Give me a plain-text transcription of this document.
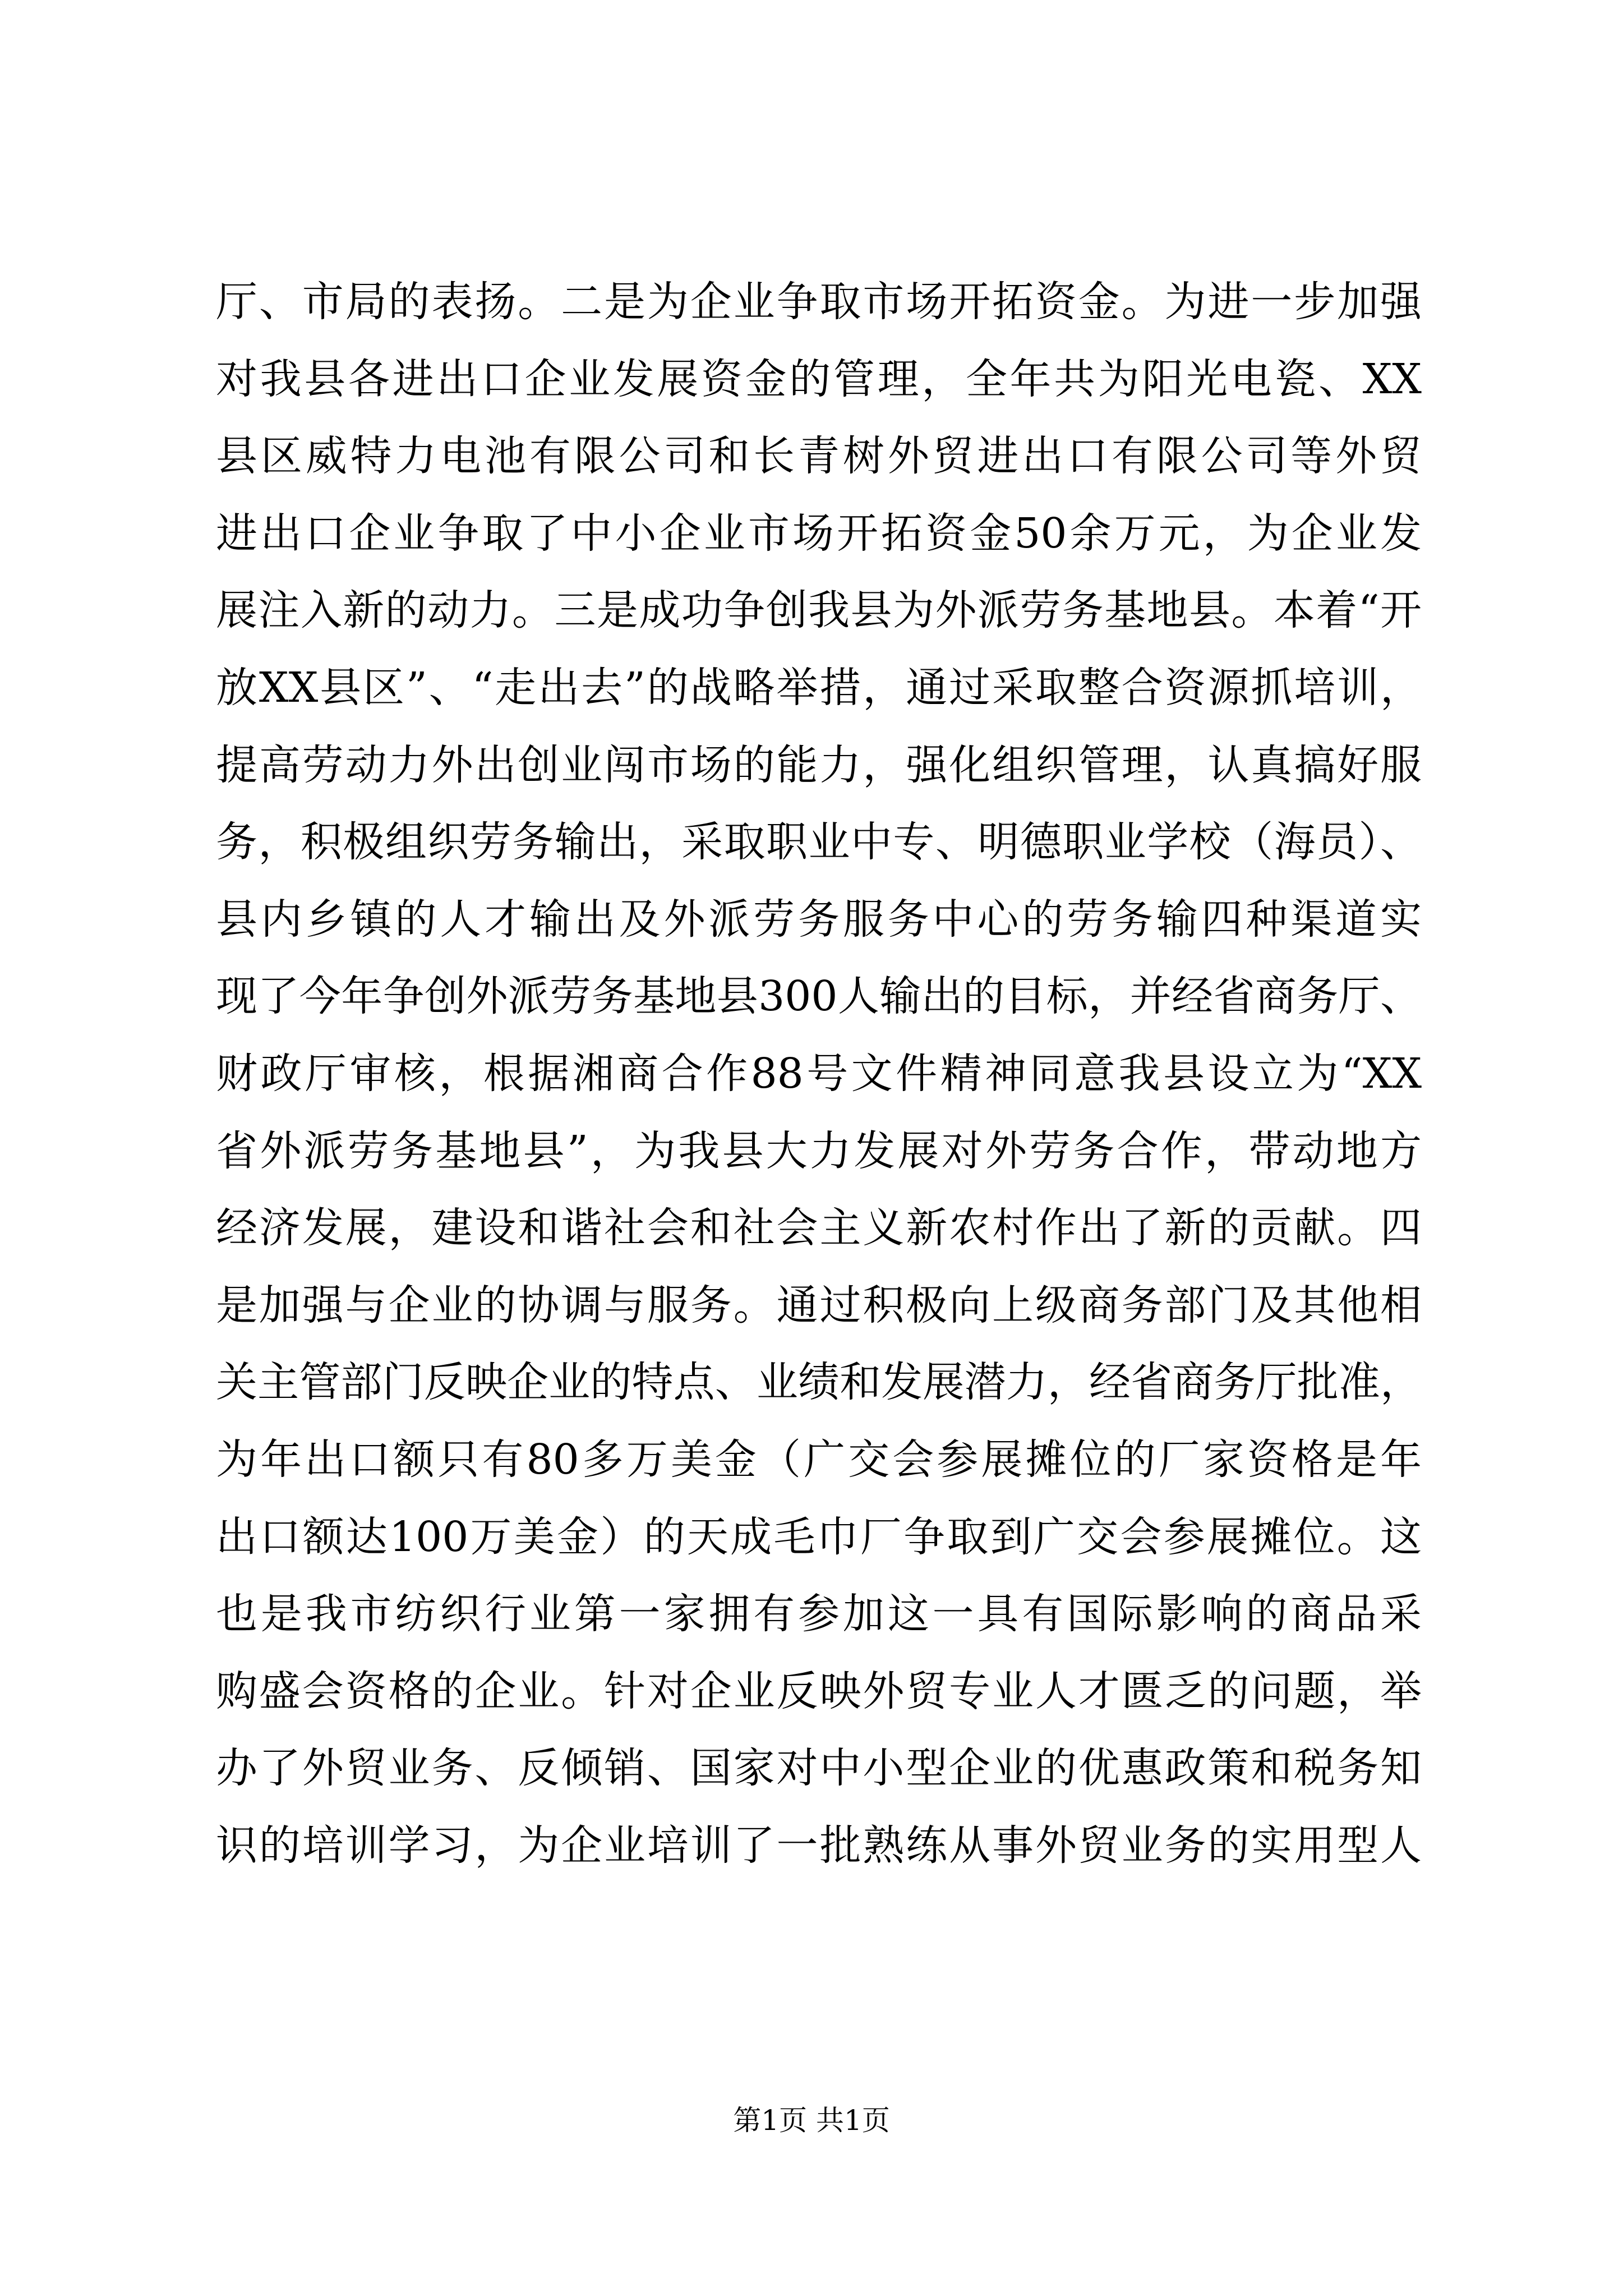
厅、市局的表扬。二是为企业争取市场开拓资金。为进一步加强
对我县各进出口企业发展资金的管理，全年共为阳光电瓷、XX
县区威特力电池有限公司和长青树外贸进出口有限公司等外贸
进出口企业争取了中小企业市场开拓资金50余万元，为企业发
展注入新的动力。三是成功争创我县为外派劳务基地县。本着“开
放XX县区”、“走出去”的战略举措，通过采取整合资源抓培训，
提高劳动力外出创业闯市场的能力，强化组织管理，认真搞好服
务，积极组织劳务输出，采取职业中专、明德职业学校（海员）、
县内乡镇的人才输出及外派劳务服务中心的劳务输四种渠道实
现了今年争创外派劳务基地县300人输出的目标，并经省商务厅、
财政厅审核，根据湘商合作88号文件精神同意我县设立为“XX
省外派劳务基地县”，为我县大力发展对外劳务合作，带动地方
经济发展，建设和谐社会和社会主义新农村作出了新的贡献。四
是加强与企业的协调与服务。通过积极向上级商务部门及其他相
关主管部门反映企业的特点、业绩和发展潜力，经省商务厅批准，
为年出口额只有80多万美金（广交会参展摊位的厂家资格是年
出口额达100万美金）的天成毛巾厂争取到广交会参展摊位。这
也是我市纺织行业第一家拥有参加这一具有国际影响的商品采
购盛会资格的企业。针对企业反映外贸专业人才匮乏的问题，举
办了外贸业务、反倾销、国家对中小型企业的优惠政策和税务知
识的培训学习，为企业培训了一批熟练从事外贸业务的实用型人
第1页 共1页
